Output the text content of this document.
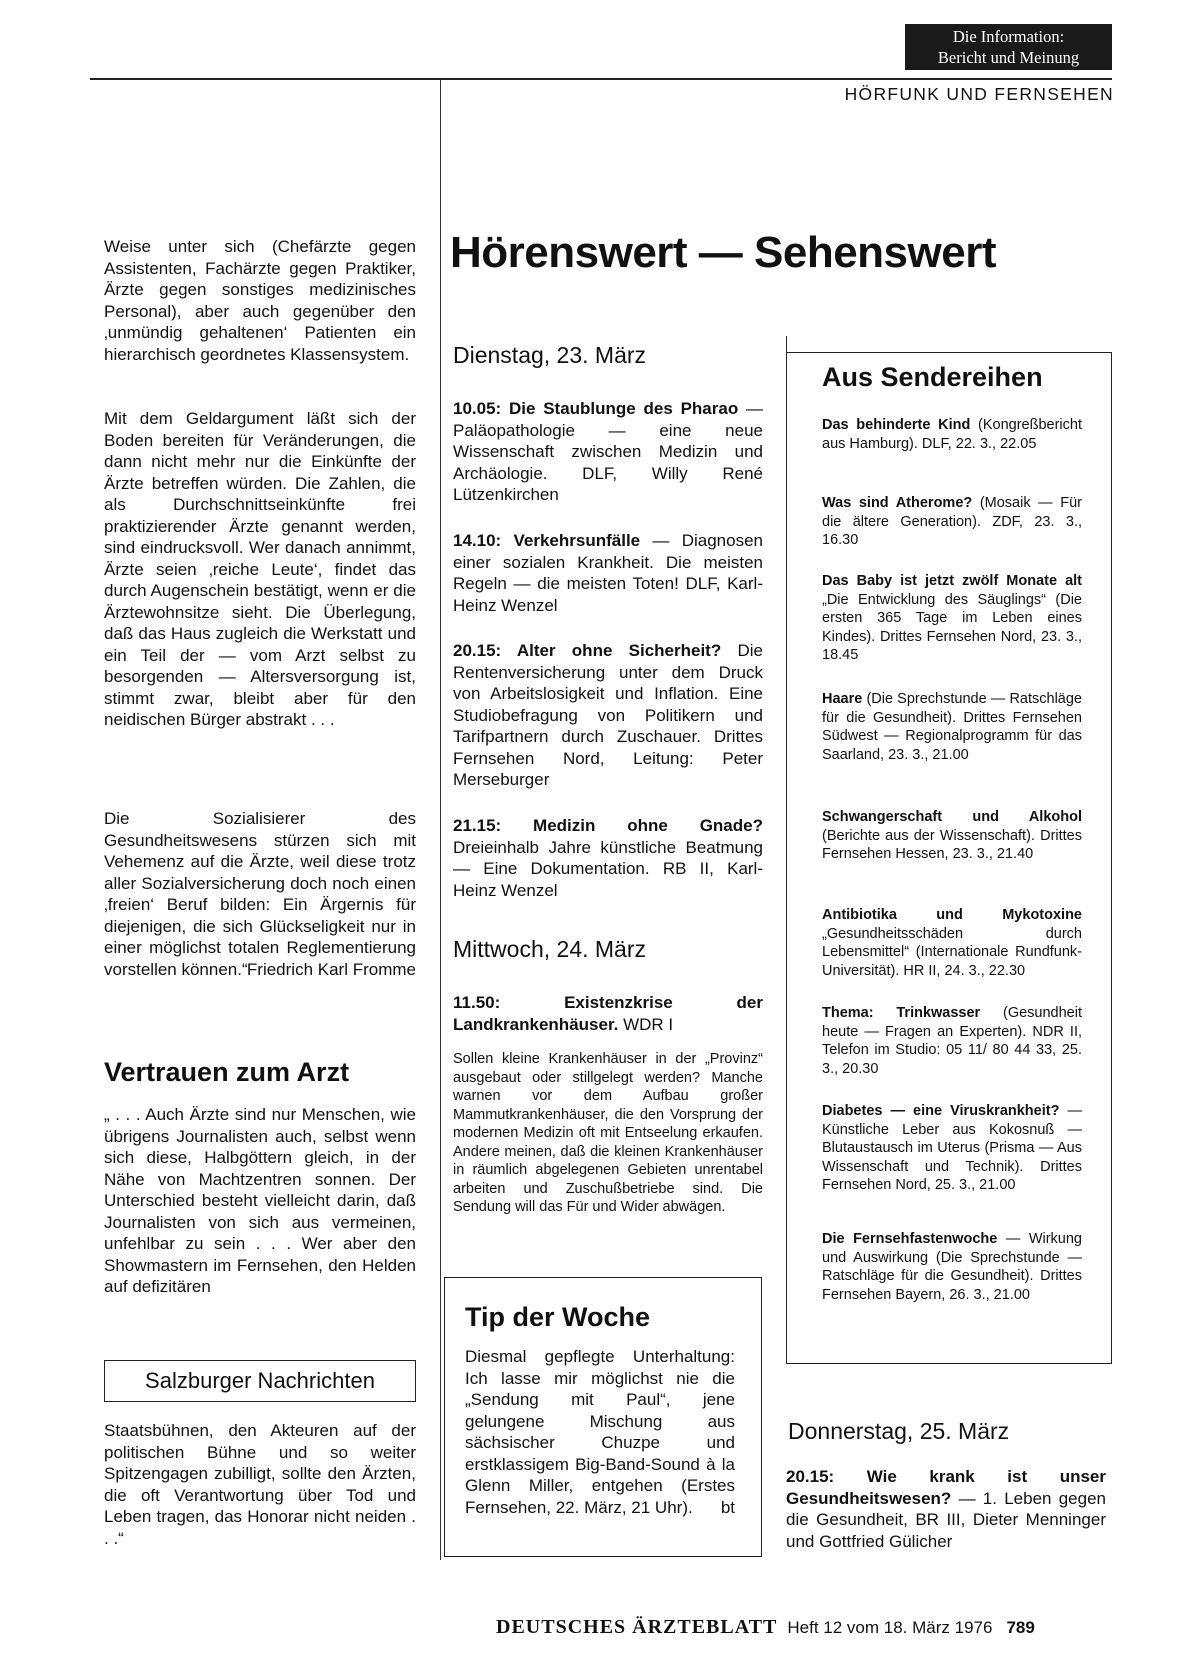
Die Information:
Bericht und Meinung
HÖRFUNK UND FERNSEHEN

Weise unter sich (Chefärzte gegen Assistenten, Fachärzte gegen Praktiker, Ärzte gegen sonstiges medizinisches Personal), aber auch gegenüber den ‚unmündig gehaltenen‘ Patienten ein hierarchisch geordnetes Klassensystem.

Mit dem Geldargument läßt sich der Boden bereiten für Veränderungen, die dann nicht mehr nur die Einkünfte der Ärzte betreffen würden. Die Zahlen, die als Durchschnittseinkünfte frei praktizierender Ärzte genannt werden, sind eindrucksvoll. Wer danach annimmt, Ärzte seien ‚reiche Leute‘, findet das durch Augenschein bestätigt, wenn er die Ärztewohnsitze sieht. Die Überlegung, daß das Haus zugleich die Werkstatt und ein Teil der — vom Arzt selbst zu besorgenden — Altersversorgung ist, stimmt zwar, bleibt aber für den neidischen Bürger abstrakt . . .

Die Sozialisierer des Gesundheitswesens stürzen sich mit Vehemenz auf die Ärzte, weil diese trotz aller Sozialversicherung doch noch einen ‚freien‘ Beruf bilden: Ein Ärgernis für diejenigen, die sich Glückseligkeit nur in einer möglichst totalen Reglementierung vorstellen können.“ Friedrich Karl Fromme

Vertrauen zum Arzt

„ . . . Auch Ärzte sind nur Menschen, wie übrigens Journalisten auch, selbst wenn sich diese, Halbgöttern gleich, in der Nähe von Machtzentren sonnen. Der Unterschied besteht vielleicht darin, daß Journalisten von sich aus vermeinen, unfehlbar zu sein . . . Wer aber den Showmastern im Fernsehen, den Helden auf defizitären

Salzburger Nachrichten

Staatsbühnen, den Akteuren auf der politischen Bühne und so weiter Spitzengagen zubilligt, sollte den Ärzten, die oft Verantwortung über Tod und Leben tragen, das Honorar nicht neiden . . .“

Hörenswert — Sehenswert
Dienstag, 23. März

10.05: Die Staublunge des Pharao — Paläopathologie — eine neue Wissenschaft zwischen Medizin und Archäologie. DLF, Willy René Lützenkirchen

14.10: Verkehrsunfälle — Diagnosen einer sozialen Krankheit. Die meisten Regeln — die meisten Toten! DLF, Karl-Heinz Wenzel

20.15: Alter ohne Sicherheit? Die Rentenversicherung unter dem Druck von Arbeitslosigkeit und Inflation. Eine Studiobefragung von Politikern und Tarifpartnern durch Zuschauer. Drittes Fernsehen Nord, Leitung: Peter Merseburger

21.15: Medizin ohne Gnade? Dreieinhalb Jahre künstliche Beatmung — Eine Dokumentation. RB II, Karl-Heinz Wenzel

Mittwoch, 24. März

11.50: Existenzkrise der Landkrankenhäuser. WDR I

Sollen kleine Krankenhäuser in der „Provinz“ ausgebaut oder stillgelegt werden? Manche warnen vor dem Aufbau großer Mammutkrankenhäuser, die den Vorsprung der modernen Medizin oft mit Entseelung erkaufen. Andere meinen, daß die kleinen Krankenhäuser in räumlich abgelegenen Gebieten unrentabel arbeiten und Zuschußbetriebe sind. Die Sendung will das Für und Wider abwägen.

Tip der Woche

Diesmal gepflegte Unterhaltung: Ich lasse mir möglichst nie die „Sendung mit Paul“, jene gelungene Mischung aus sächsischer Chuzpe und erstklassigem Big-Band-Sound à la Glenn Miller, entgehen (Erstes Fernsehen, 22. März, 21 Uhr).	bt

Aus Sendereihen

Das behinderte Kind (Kongreßbericht aus Hamburg). DLF, 22. 3., 22.05

Was sind Atherome? (Mosaik — Für die ältere Generation). ZDF, 23. 3., 16.30

Das Baby ist jetzt zwölf Monate alt „Die Entwicklung des Säuglings“ (Die ersten 365 Tage im Leben eines Kindes). Drittes Fernsehen Nord, 23. 3., 18.45

Haare (Die Sprechstunde — Ratschläge für die Gesundheit). Drittes Fernsehen Südwest — Regionalprogramm für das Saarland, 23. 3., 21.00

Schwangerschaft und Alkohol (Berichte aus der Wissenschaft). Drittes Fernsehen Hessen, 23. 3., 21.40

Antibiotika und Mykotoxine „Gesundheitsschäden durch Lebensmittel“ (Internationale Rundfunk-Universität). HR II, 24. 3., 22.30

Thema: Trinkwasser (Gesundheit heute — Fragen an Experten). NDR II, Telefon im Studio: 05 11/ 80 44 33, 25. 3., 20.30

Diabetes — eine Viruskrankheit? — Künstliche Leber aus Kokosnuß — Blutaustausch im Uterus (Prisma — Aus Wissenschaft und Technik). Drittes Fernsehen Nord, 25. 3., 21.00

Die Fernsehfastenwoche — Wirkung und Auswirkung (Die Sprechstunde — Ratschläge für die Gesundheit). Drittes Fernsehen Bayern, 26. 3., 21.00

Donnerstag, 25. März

20.15: Wie krank ist unser Gesundheitswesen? — 1. Leben gegen die Gesundheit, BR III, Dieter Menninger und Gottfried Gülicher

DEUTSCHES ÄRZTEBLATT Heft 12 vom 18. März 1976 789
